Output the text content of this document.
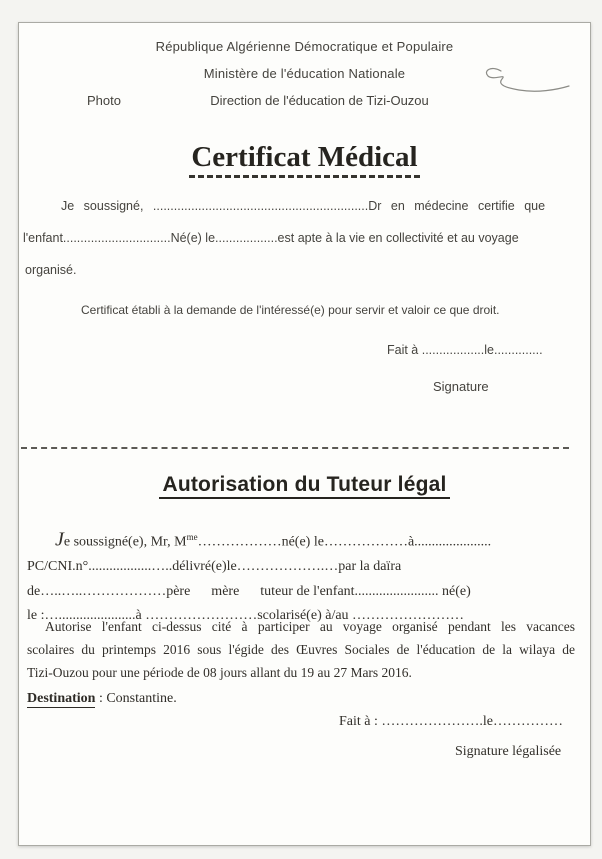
République Algérienne Démocratique et Populaire
Ministère de l'éducation Nationale
Photo	Direction de l'éducation de Tizi-Ouzou
Certificat Médical
Je soussigné, ..............................................................Dr en médecine certifie que
l'enfant...............................Né(e) le..................est apte à la vie en collectivité et au voyage
organisé.
Certificat établi à la demande de l'intéressé(e) pour servir et valoir ce que droit.
Fait à ..................le..............
Signature
Autorisation du Tuteur légal
Je soussigné(e), Mr, $M^{me}\dots\dots\dots\dots\dots\dots né(e)$ le………………à......................
PC/CNI.n°..................…..délivré(e)le……………….…par la daïra
de…..…..………………père      mère      tuteur de l'enfant........................ né(e)
le :…......................à ……………………scolarisé(e) à/au ……………………
Autorise l'enfant ci-dessus cité à participer au voyage organisé pendant les vacances
scolaires du printemps 2016 sous l'égide des Œuvres Sociales de l'éducation de la wilaya de
Tizi-Ouzou pour une période de 08 jours allant du 19 au 27 Mars 2016.
Destination : Constantine.
Fait à : ………………….le……………
Signature légalisée
